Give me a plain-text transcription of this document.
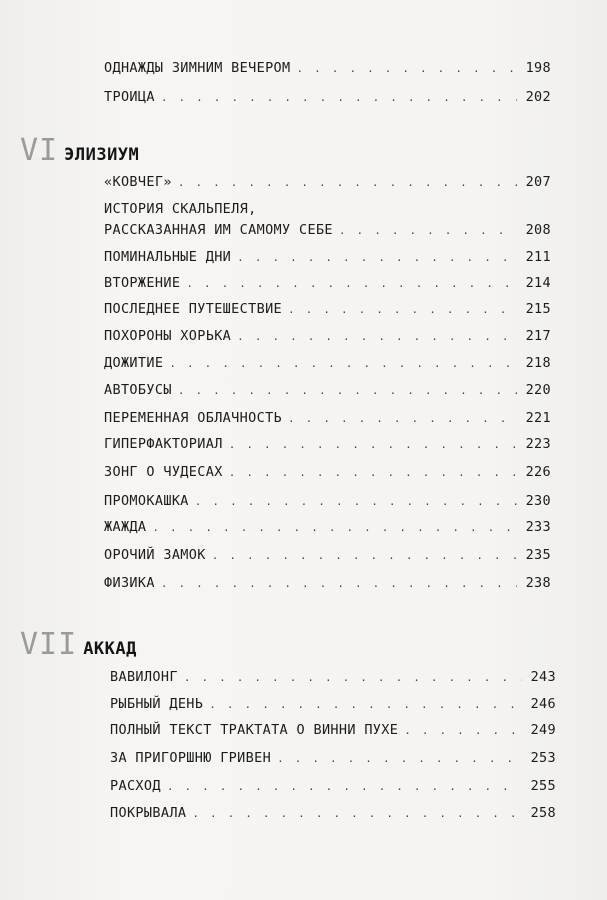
ОДНАЖДЫ ЗИМНИМ ВЕЧЕРОМ . . .	198
ТРОИЦА . . .	202
VI ЭЛИЗИУМ
«КОВЧЕГ» . . .	207
ИСТОРИЯ СКАЛЬПЕЛЯ,
РАССКАЗАННАЯ ИМ САМОМУ СЕБЕ . . .	208
ПОМИНАЛЬНЫЕ ДНИ . . .	211
ВТОРЖЕНИЕ . . .	214
ПОСЛЕДНЕЕ ПУТЕШЕСТВИЕ . . .	215
ПОХОРОНЫ ХОРЬКА . . .	217
ДОЖИТИЕ . . .	218
АВТОБУСЫ . . .	220
ПЕРЕМЕННАЯ ОБЛАЧНОСТЬ . . .	221
ГИПЕРФАКТОРИАЛ . . .	223
ЗОНГ О ЧУДЕСАХ . . .	226
ПРОМОКАШКА . . .	230
ЖАЖДА . . .	233
ОРОЧИЙ ЗАМОК . . .	235
ФИЗИКА . . .	238
VII АККАД
ВАВИЛОНГ . . .	243
РЫБНЫЙ ДЕНЬ . . .	246
ПОЛНЫЙ ТЕКСТ ТРАКТАТА О ВИННИ ПУХЕ . . .	249
ЗА ПРИГОРШНЮ ГРИВЕН . . .	253
РАСХОД . . .	255
ПОКРЫВАЛА . . .	258
